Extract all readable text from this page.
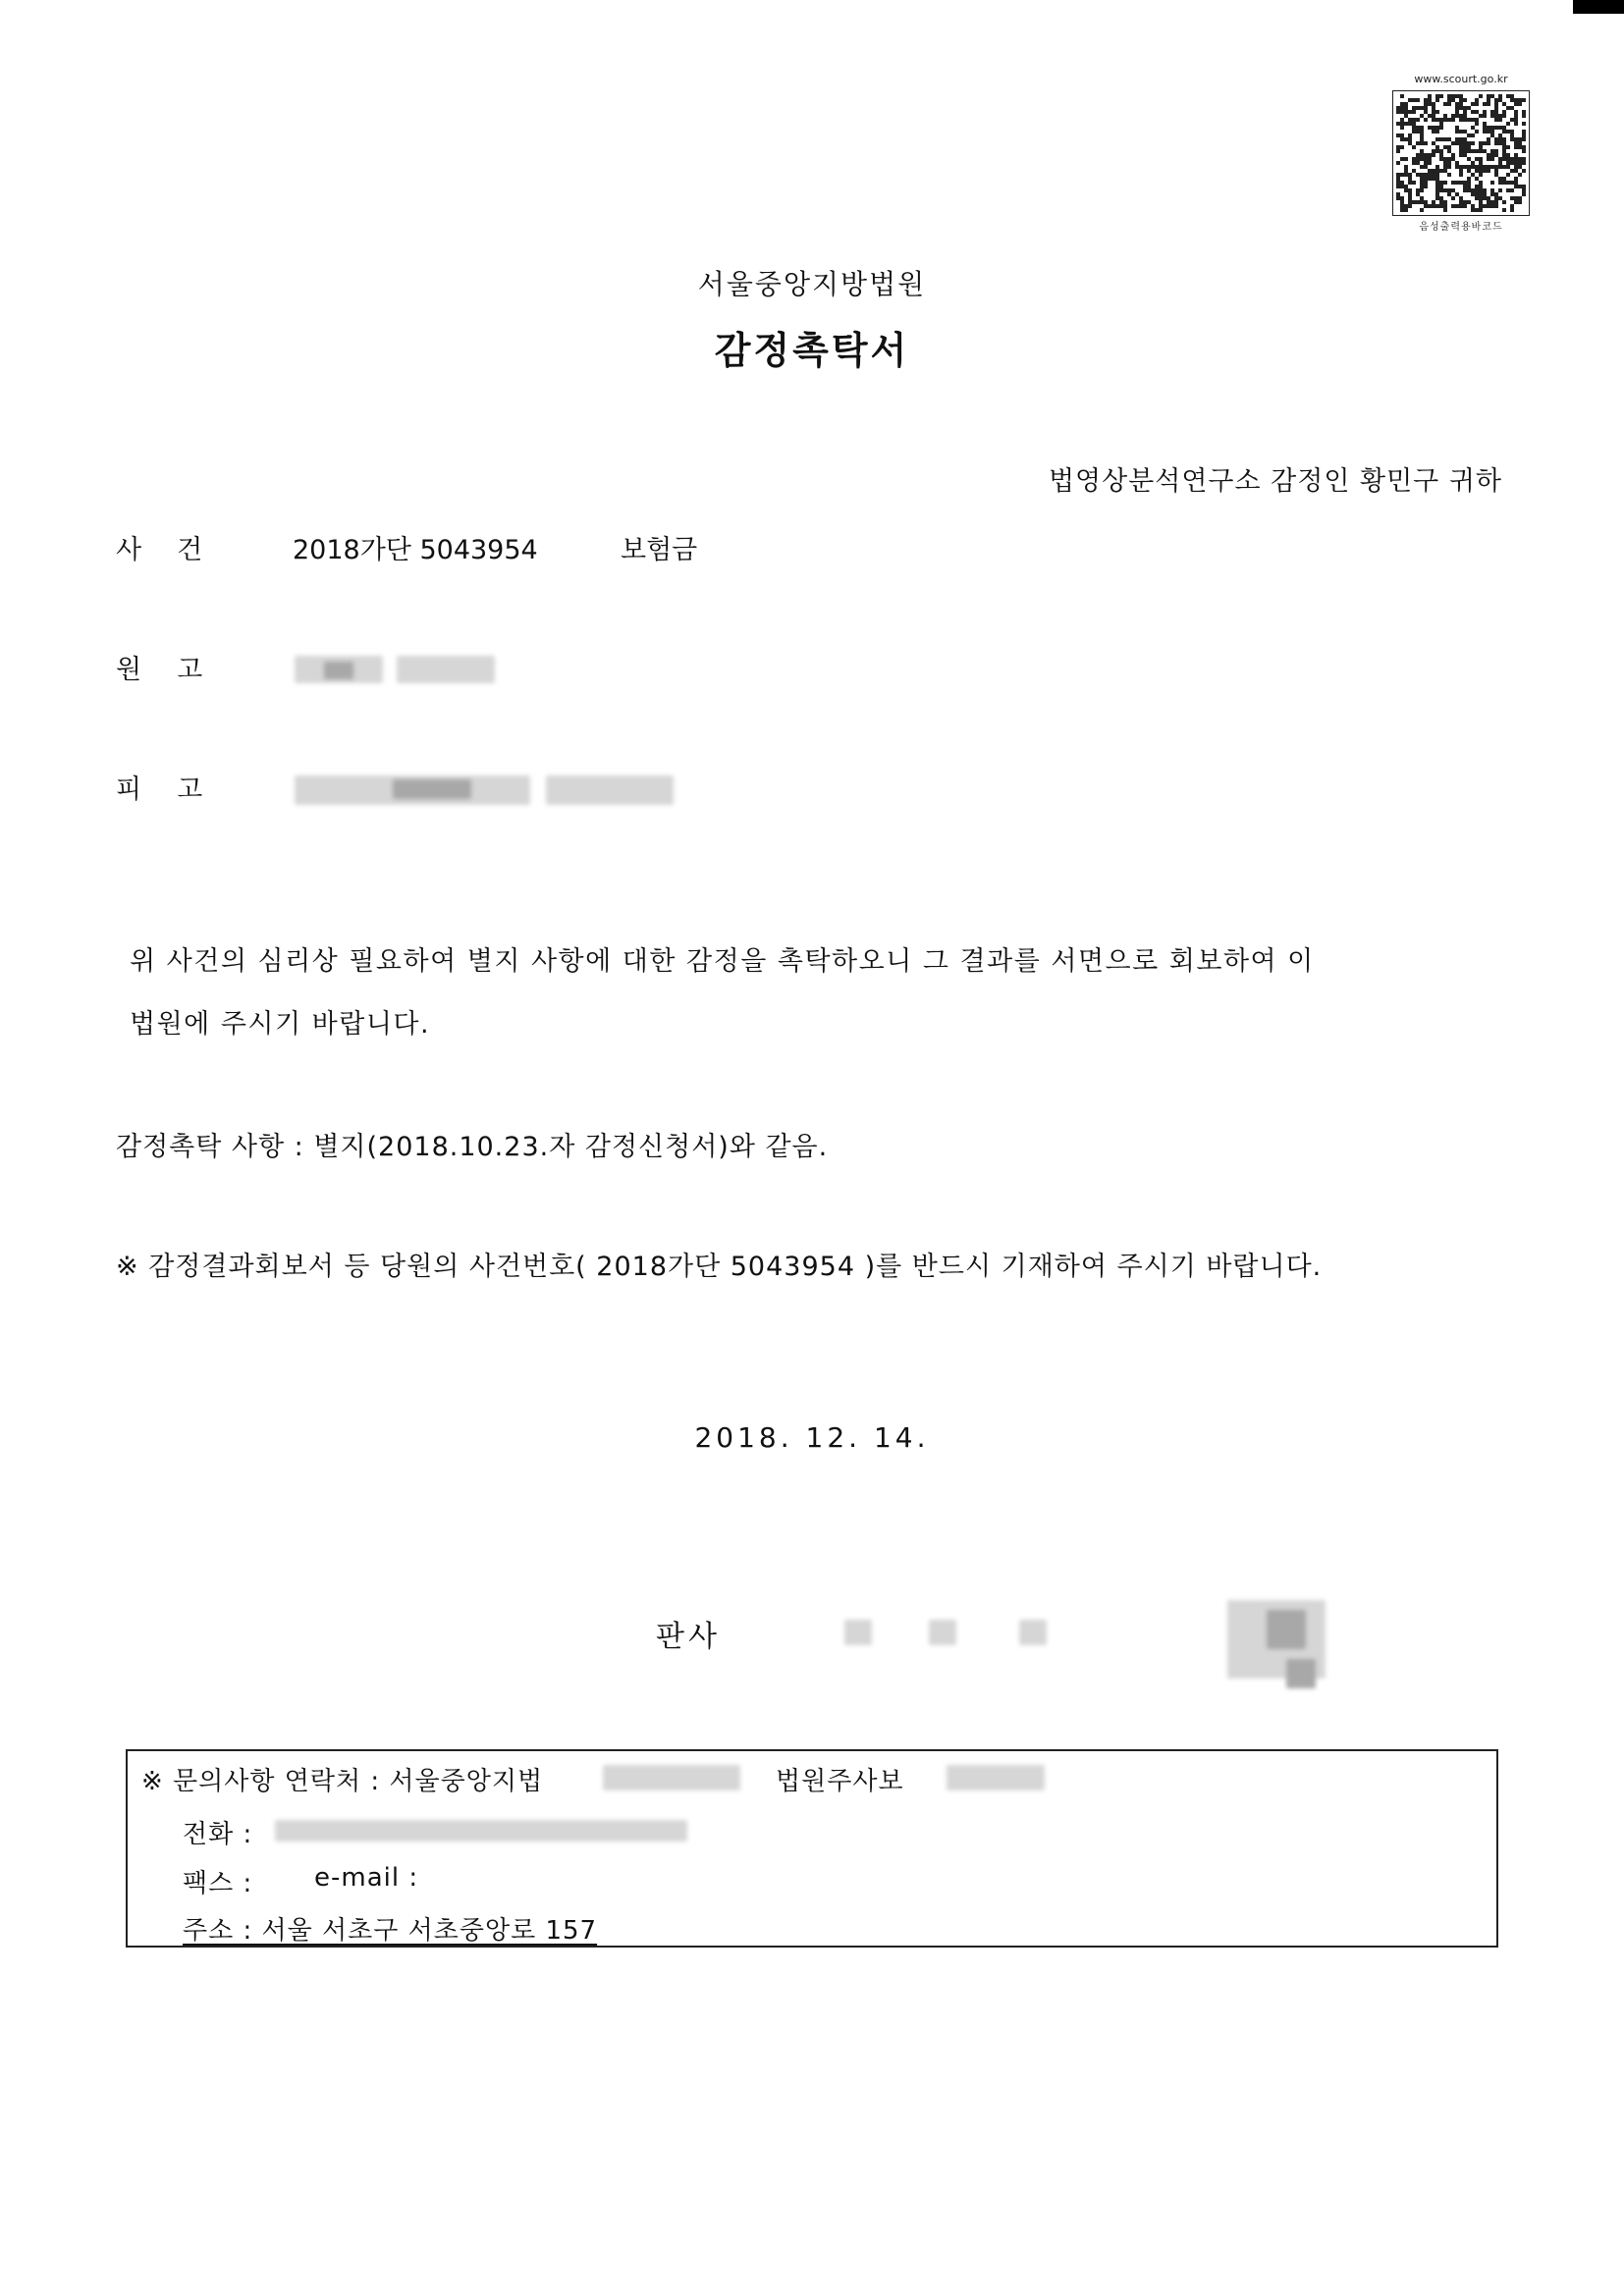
www.scourt.go.kr
음성출력용바코드
서울중앙지방법원
감정촉탁서
법영상분석연구소 감정인 황민구 귀하
사건 2018가단 5043954	보험금
원고
피고
위 사건의 심리상 필요하여 별지 사항에 대한 감정을 촉탁하오니 그 결과를 서면으로 회보하여 이
법원에 주시기 바랍니다.
감정촉탁 사항 : 별지(2018.10.23.자 감정신청서)와 같음.
※ 감정결과회보서 등 당원의 사건번호( 2018가단 5043954 )를 반드시 기재하여 주시기 바랍니다.
2018. 12. 14.
판사
※ 문의사항 연락처 : 서울중앙지법	법원주사보
전화 :
팩스 : e-mail :
주소 : 서울 서초구 서초중앙로 157
